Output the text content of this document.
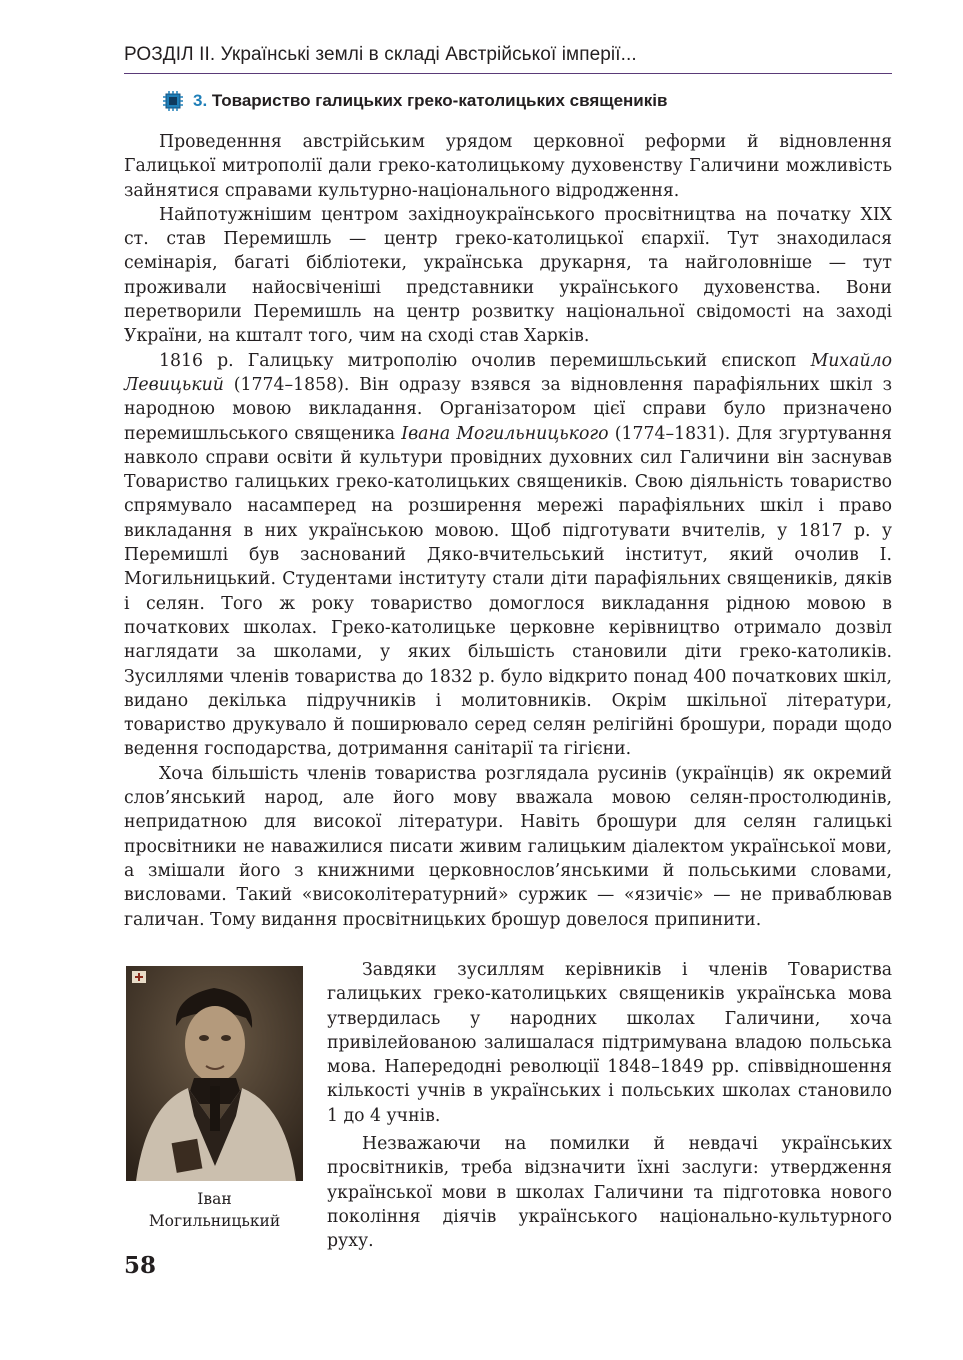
РОЗДІЛ ІІ. Українські землі в складі Австрійської імперії...
3. Товариство галицьких греко-католицьких священиків

Проведенння австрійським урядом церковної реформи й відновлення Галицької митрополії дали греко-католицькому духовенству Галичини можливість зайнятися справами культурно-національного відродження.

Найпотужнішим центром західноукраїнського просвітництва на початку XIX ст. став Перемишль — центр греко-католицької єпархії. Тут знаходилася семінарія, багаті бібліотеки, українська друкарня, та найголовніше — тут проживали найосвіченіші представники українського духовенства. Вони перетворили Перемишль на центр розвитку національної свідомості на заході України, на кшталт того, чим на сході став Харків.

1816 р. Галицьку митрополію очолив перемишльський єпископ Михайло Левицький (1774–1858). Він одразу взявся за відновлення парафіяльних шкіл з народною мовою викладання. Організатором цієї справи було призначено перемишльського священика Івана Могильницького (1774–1831). Для згуртування навколо справи освіти й культури провідних духовних сил Галичини він заснував Товариство галицьких греко-католицьких священиків. Свою діяльність товариство спрямувало насамперед на розширення мережі парафіяльних шкіл і право викладання в них українською мовою. Щоб підготувати вчителів, у 1817 р. у Перемишлі був заснований Дяко-вчительський інститут, який очолив І. Могильницький. Студентами інституту стали діти парафіяльних священиків, дяків і селян. Того ж року товариство домоглося викладання рідною мовою в початкових школах. Греко-католицьке церковне керівництво отримало дозвіл наглядати за школами, у яких більшість становили діти греко-католиків. Зусиллями членів товариства до 1832 р. було відкрито понад 400 початкових шкіл, видано декілька підручників і молитовників. Окрім шкільної літератури, товариство друкувало й поширювало серед селян релігійні брошури, поради щодо ведення господарства, дотримання санітарії та гігієни.

Хоча більшість членів товариства розглядала русинів (українців) як окремий слов’янський народ, але його мову вважала мовою селян-простолюдинів, непридатною для високої літератури. Навіть брошури для селян галицькі просвітники не наважилися писати живим галицьким діалектом української мови, а змішали його з книжними церковнослов’янськими й польськими словами, висловами. Такий «високолітературний» суржик — «язичіє» — не приваблював галичан. Тому видання просвітницьких брошур довелося припинити.

Іван
Могильницький

Завдяки зусиллям керівників і членів Товариства галицьких греко-католицьких священиків українська мова утвердилась у народних школах Галичини, хоча привілейованою залишалася підтримувана владою польська мова. Напередодні революції 1848–1849 рр. співвідношення кількості учнів в українських і польських школах становило 1 до 4 учнів.

Незважаючи на помилки й невдачі українських просвітників, треба відзначити їхні заслуги: утвердження української мови в школах Галичини та підготовка нового покоління діячів українського національно-культурного руху.

58
